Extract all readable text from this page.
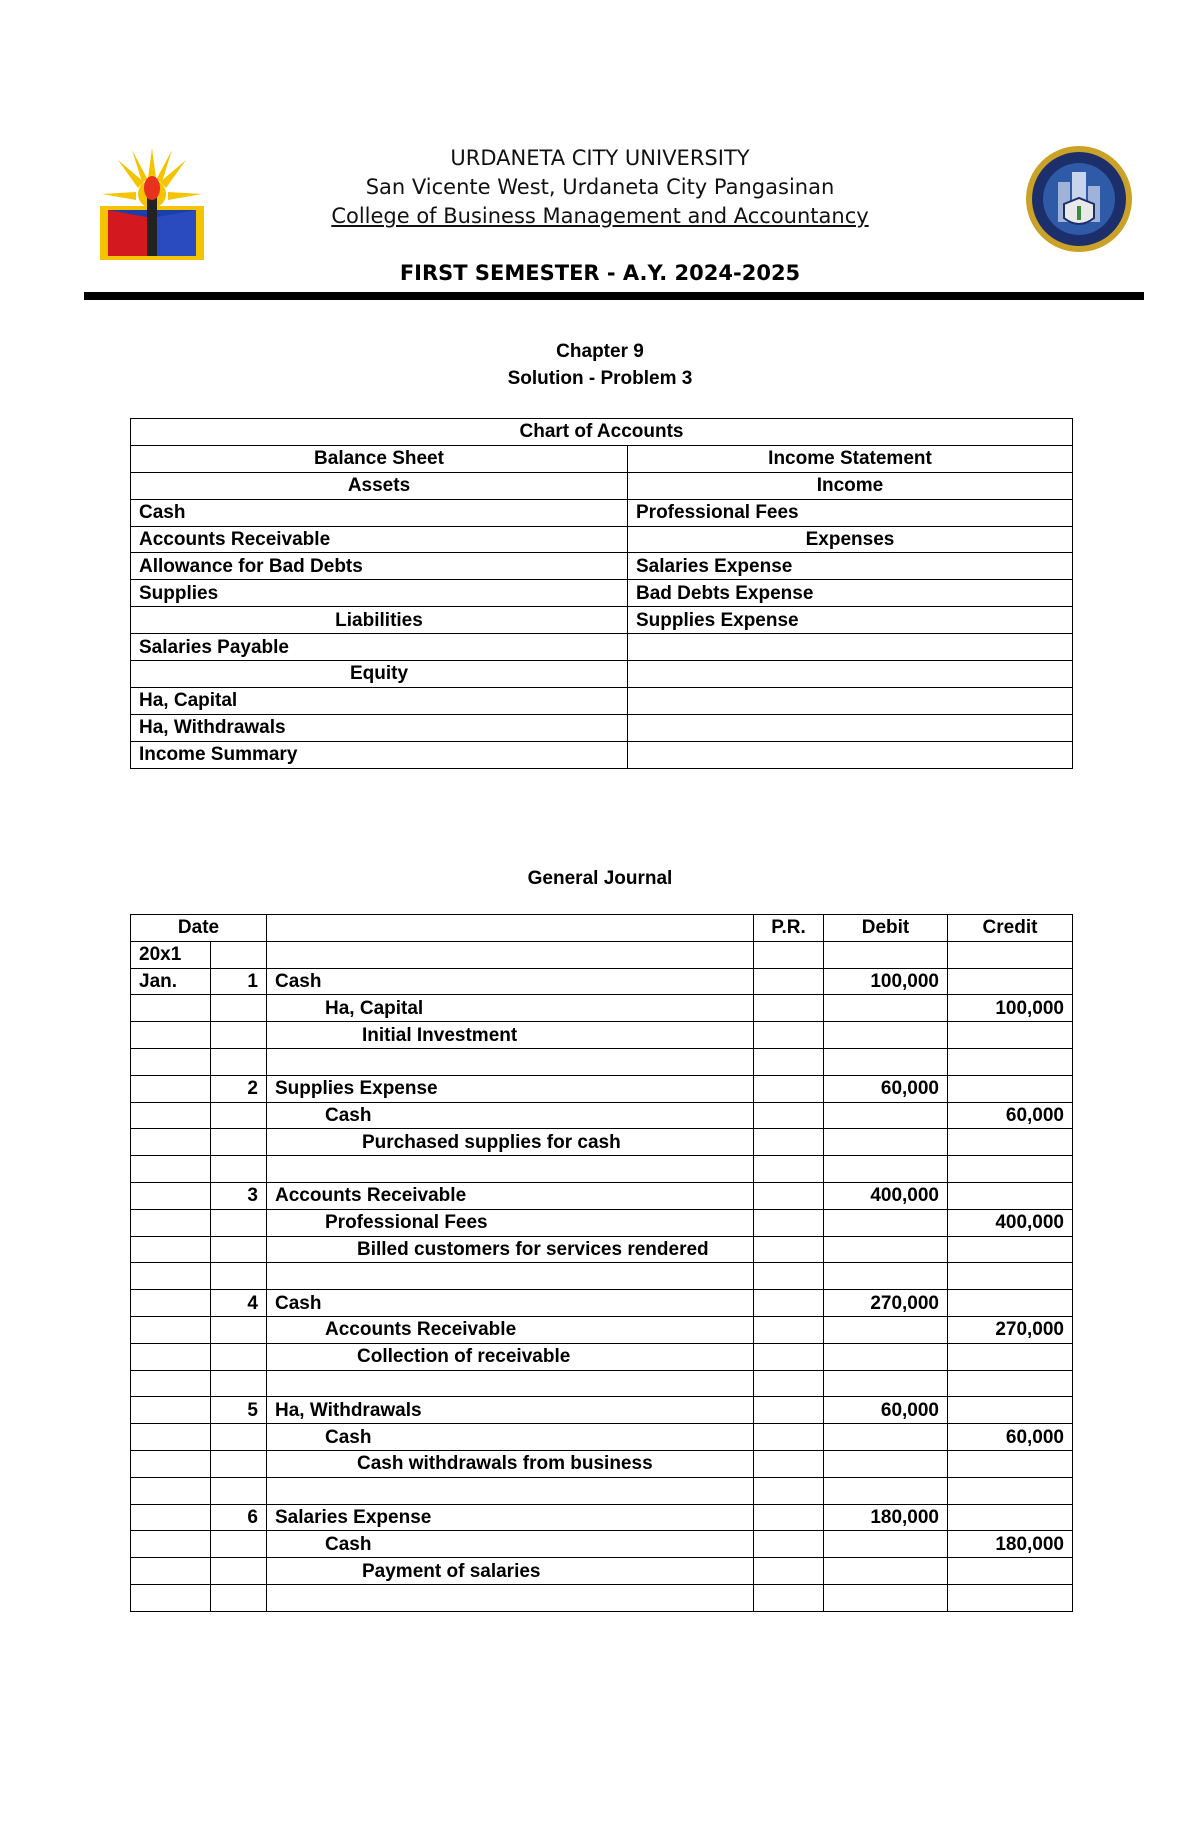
URDANETA CITY UNIVERSITY
San Vicente West, Urdaneta City Pangasinan
College of Business Management and Accountancy
FIRST SEMESTER - A.Y. 2024-2025
Chapter 9
Solution - Problem 3
Chart of Accounts	
Balance Sheet	Income Statement
Assets	Income
Cash	Professional Fees
Accounts Receivable	Expenses
Allowance for Bad Debts	Salaries Expense
Supplies	Bad Debts Expense
Liabilities	Supplies Expense
Salaries Payable	
Equity	
Ha, Capital	
Ha, Withdrawals	
Income Summary	
General Journal
Date			P.R.	Debit	Credit
20x1					
Jan.	1	Cash		100,000	
		Ha, Capital			100,000
		Initial Investment			

	2	Supplies Expense		60,000	
		Cash			60,000
		Purchased supplies for cash			

	3	Accounts Receivable		400,000	
		Professional Fees			400,000
		Billed customers for services rendered			

	4	Cash		270,000	
		Accounts Receivable			270,000
		Collection of receivable			

	5	Ha, Withdrawals		60,000	
		Cash			60,000
		Cash withdrawals from business			

	6	Salaries Expense		180,000	
		Cash			180,000
		Payment of salaries			
